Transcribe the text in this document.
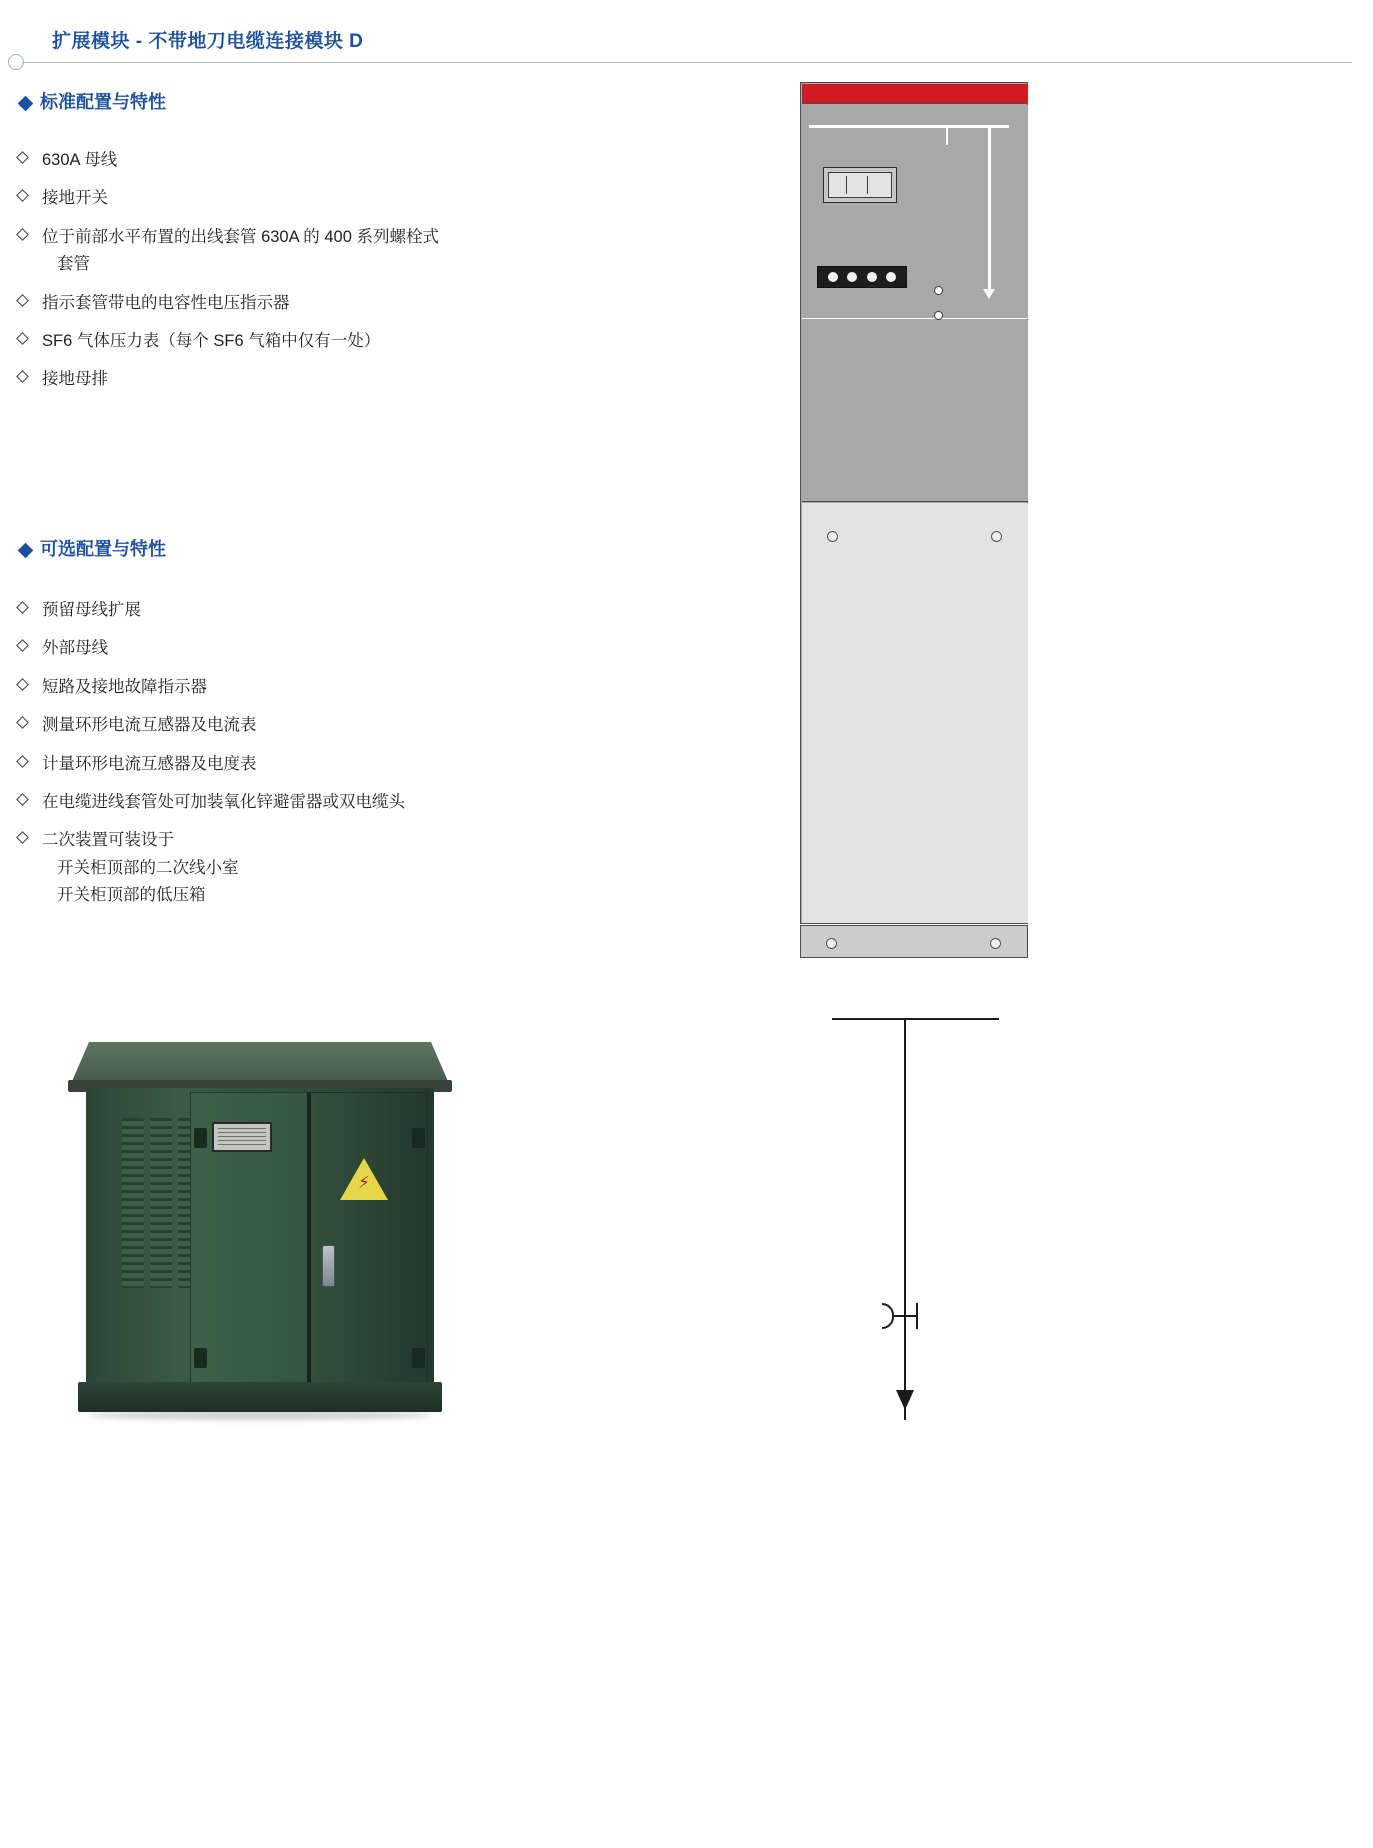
扩展模块 - 不带地刀电缆连接模块 D
标准配置与特性
630A 母线
接地开关
位于前部水平布置的出线套管 630A 的 400 系列螺栓式
套管
指示套管带电的电容性电压指示器
SF6 气体压力表（每个 SF6 气箱中仅有一处）
接地母排
可选配置与特性
预留母线扩展
外部母线
短路及接地故障指示器
测量环形电流互感器及电流表
计量环形电流互感器及电度表
在电缆进线套管处可加装氧化锌避雷器或双电缆头
二次装置可装设于
开关柜顶部的二次线小室
开关柜顶部的低压箱
⚡
